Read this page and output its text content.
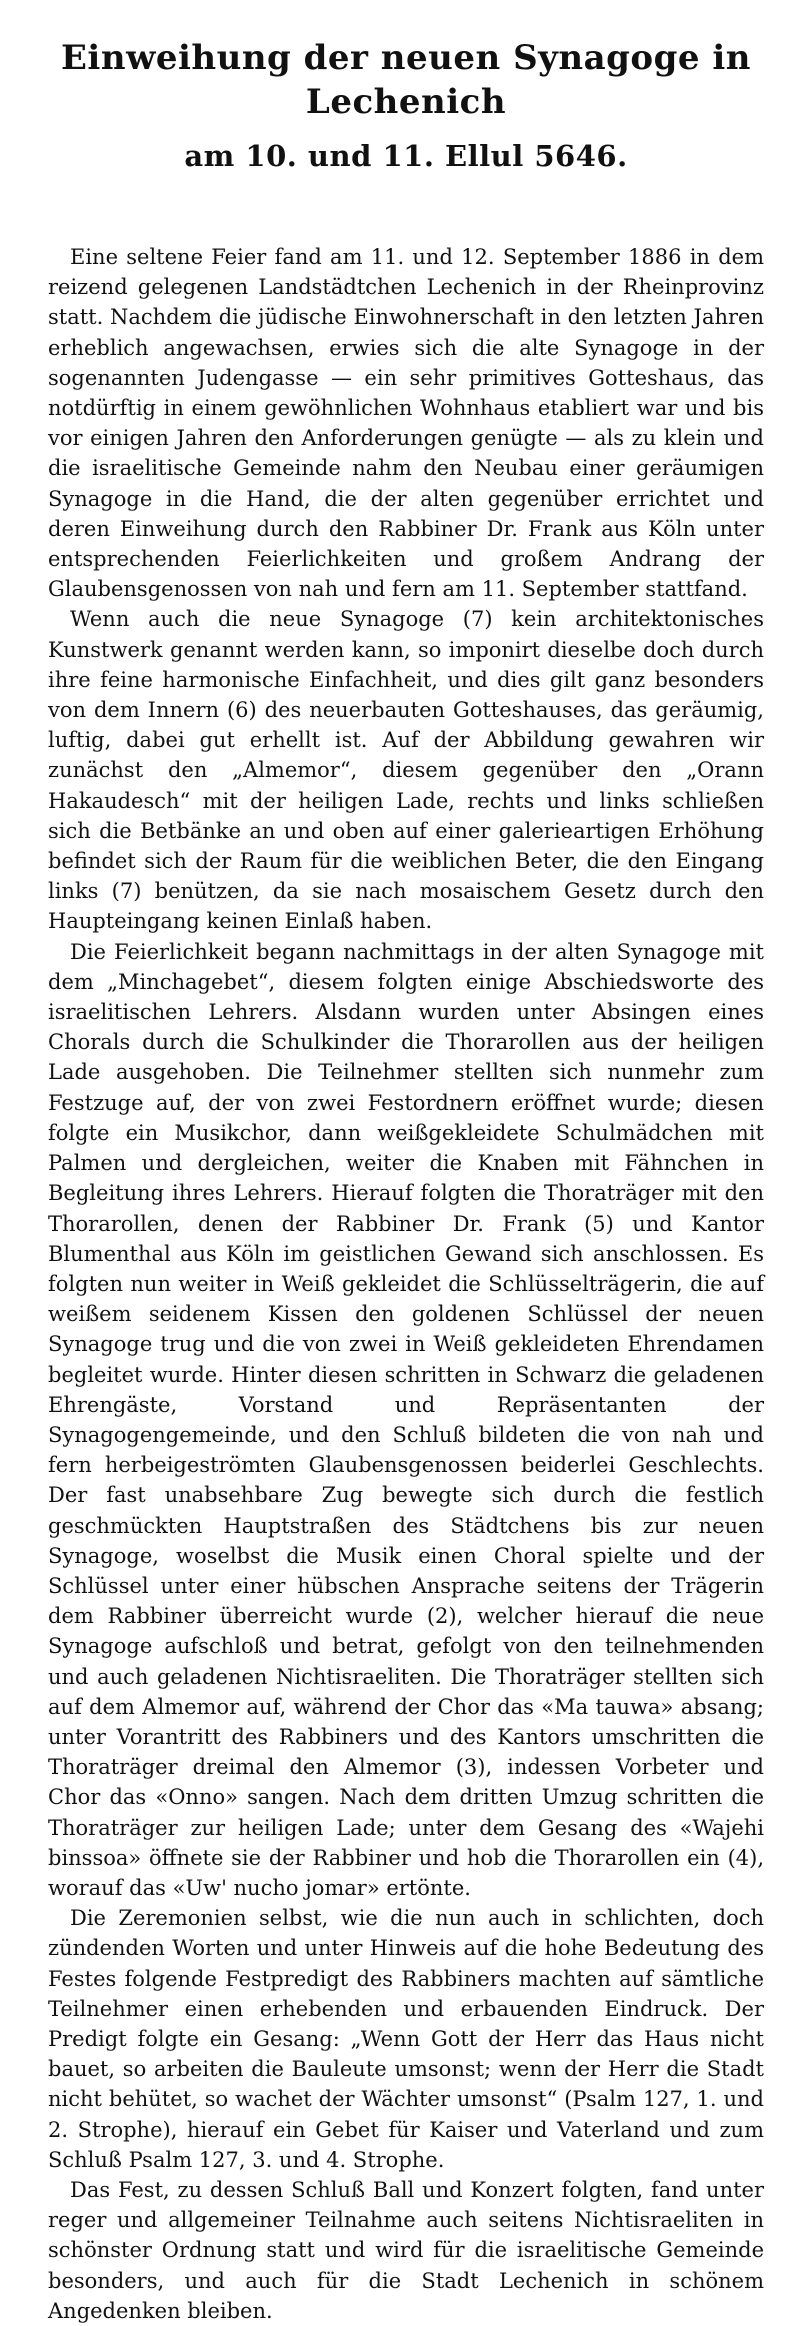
Einweihung der neuen Synagoge in Lechenich
am 10. und 11. Ellul 5646.

Eine seltene Feier fand am 11. und 12. September 1886 in dem reizend gelegenen Landstädtchen Lechenich in der Rheinprovinz statt. Nachdem die jüdische Einwohnerschaft in den letzten Jahren erheblich angewachsen, erwies sich die alte Synagoge in der sogenannten Judengasse — ein sehr primitives Gotteshaus, das notdürftig in einem gewöhnlichen Wohnhaus etabliert war und bis vor einigen Jahren den Anforderungen genügte — als zu klein und die israelitische Gemeinde nahm den Neubau einer geräumigen Synagoge in die Hand, die der alten gegenüber errichtet und deren Einweihung durch den Rabbiner Dr. Frank aus Köln unter entsprechenden Feierlichkeiten und großem Andrang der Glaubensgenossen von nah und fern am 11. September stattfand.

Wenn auch die neue Synagoge (7) kein architektonisches Kunstwerk genannt werden kann, so imponirt dieselbe doch durch ihre feine harmonische Einfachheit, und dies gilt ganz besonders von dem Innern (6) des neuerbauten Gotteshauses, das geräumig, luftig, dabei gut erhellt ist. Auf der Abbildung gewahren wir zunächst den „Almemor“, diesem gegenüber den „Orann Hakaudesch“ mit der heiligen Lade, rechts und links schließen sich die Betbänke an und oben auf einer galerieartigen Erhöhung befindet sich der Raum für die weiblichen Beter, die den Eingang links (7) benützen, da sie nach mosaischem Gesetz durch den Haupteingang keinen Einlaß haben.

Die Feierlichkeit begann nachmittags in der alten Synagoge mit dem „Minchagebet“, diesem folgten einige Abschiedsworte des israelitischen Lehrers. Alsdann wurden unter Absingen eines Chorals durch die Schulkinder die Thorarollen aus der heiligen Lade ausgehoben. Die Teilnehmer stellten sich nunmehr zum Festzuge auf, der von zwei Festordnern eröffnet wurde; diesen folgte ein Musikchor, dann weißgekleidete Schulmädchen mit Palmen und dergleichen, weiter die Knaben mit Fähnchen in Begleitung ihres Lehrers. Hierauf folgten die Thoraträger mit den Thorarollen, denen der Rabbiner Dr. Frank (5) und Kantor Blumenthal aus Köln im geistlichen Gewand sich anschlossen. Es folgten nun weiter in Weiß gekleidet die Schlüsselträgerin, die auf weißem seidenem Kissen den goldenen Schlüssel der neuen Synagoge trug und die von zwei in Weiß gekleideten Ehrendamen begleitet wurde. Hinter diesen schritten in Schwarz die geladenen Ehrengäste, Vorstand und Repräsentanten der Synagogengemeinde, und den Schluß bildeten die von nah und fern herbeigeströmten Glaubensgenossen beiderlei Geschlechts. Der fast unabsehbare Zug bewegte sich durch die festlich geschmückten Hauptstraßen des Städtchens bis zur neuen Synagoge, woselbst die Musik einen Choral spielte und der Schlüssel unter einer hübschen Ansprache seitens der Trägerin dem Rabbiner überreicht wurde (2), welcher hierauf die neue Synagoge aufschloß und betrat, gefolgt von den teilnehmenden und auch geladenen Nichtisraeliten. Die Thoraträger stellten sich auf dem Almemor auf, während der Chor das «Ma tauwa» absang; unter Vorantritt des Rabbiners und des Kantors umschritten die Thoraträger dreimal den Almemor (3), indessen Vorbeter und Chor das «Onno» sangen. Nach dem dritten Umzug schritten die Thoraträger zur heiligen Lade; unter dem Gesang des «Wajehi binssoa» öffnete sie der Rabbiner und hob die Thorarollen ein (4), worauf das «Uw' nucho jomar» ertönte.

Die Zeremonien selbst, wie die nun auch in schlichten, doch zündenden Worten und unter Hinweis auf die hohe Bedeutung des Festes folgende Festpredigt des Rabbiners machten auf sämtliche Teilnehmer einen erhebenden und erbauenden Eindruck. Der Predigt folgte ein Gesang: „Wenn Gott der Herr das Haus nicht bauet, so arbeiten die Bauleute umsonst; wenn der Herr die Stadt nicht behütet, so wachet der Wächter umsonst“ (Psalm 127, 1. und 2. Strophe), hierauf ein Gebet für Kaiser und Vaterland und zum Schluß Psalm 127, 3. und 4. Strophe.

Das Fest, zu dessen Schluß Ball und Konzert folgten, fand unter reger und allgemeiner Teilnahme auch seitens Nichtisraeliten in schönster Ordnung statt und wird für die israelitische Gemeinde besonders, und auch für die Stadt Lechenich in schönem Angedenken bleiben.
